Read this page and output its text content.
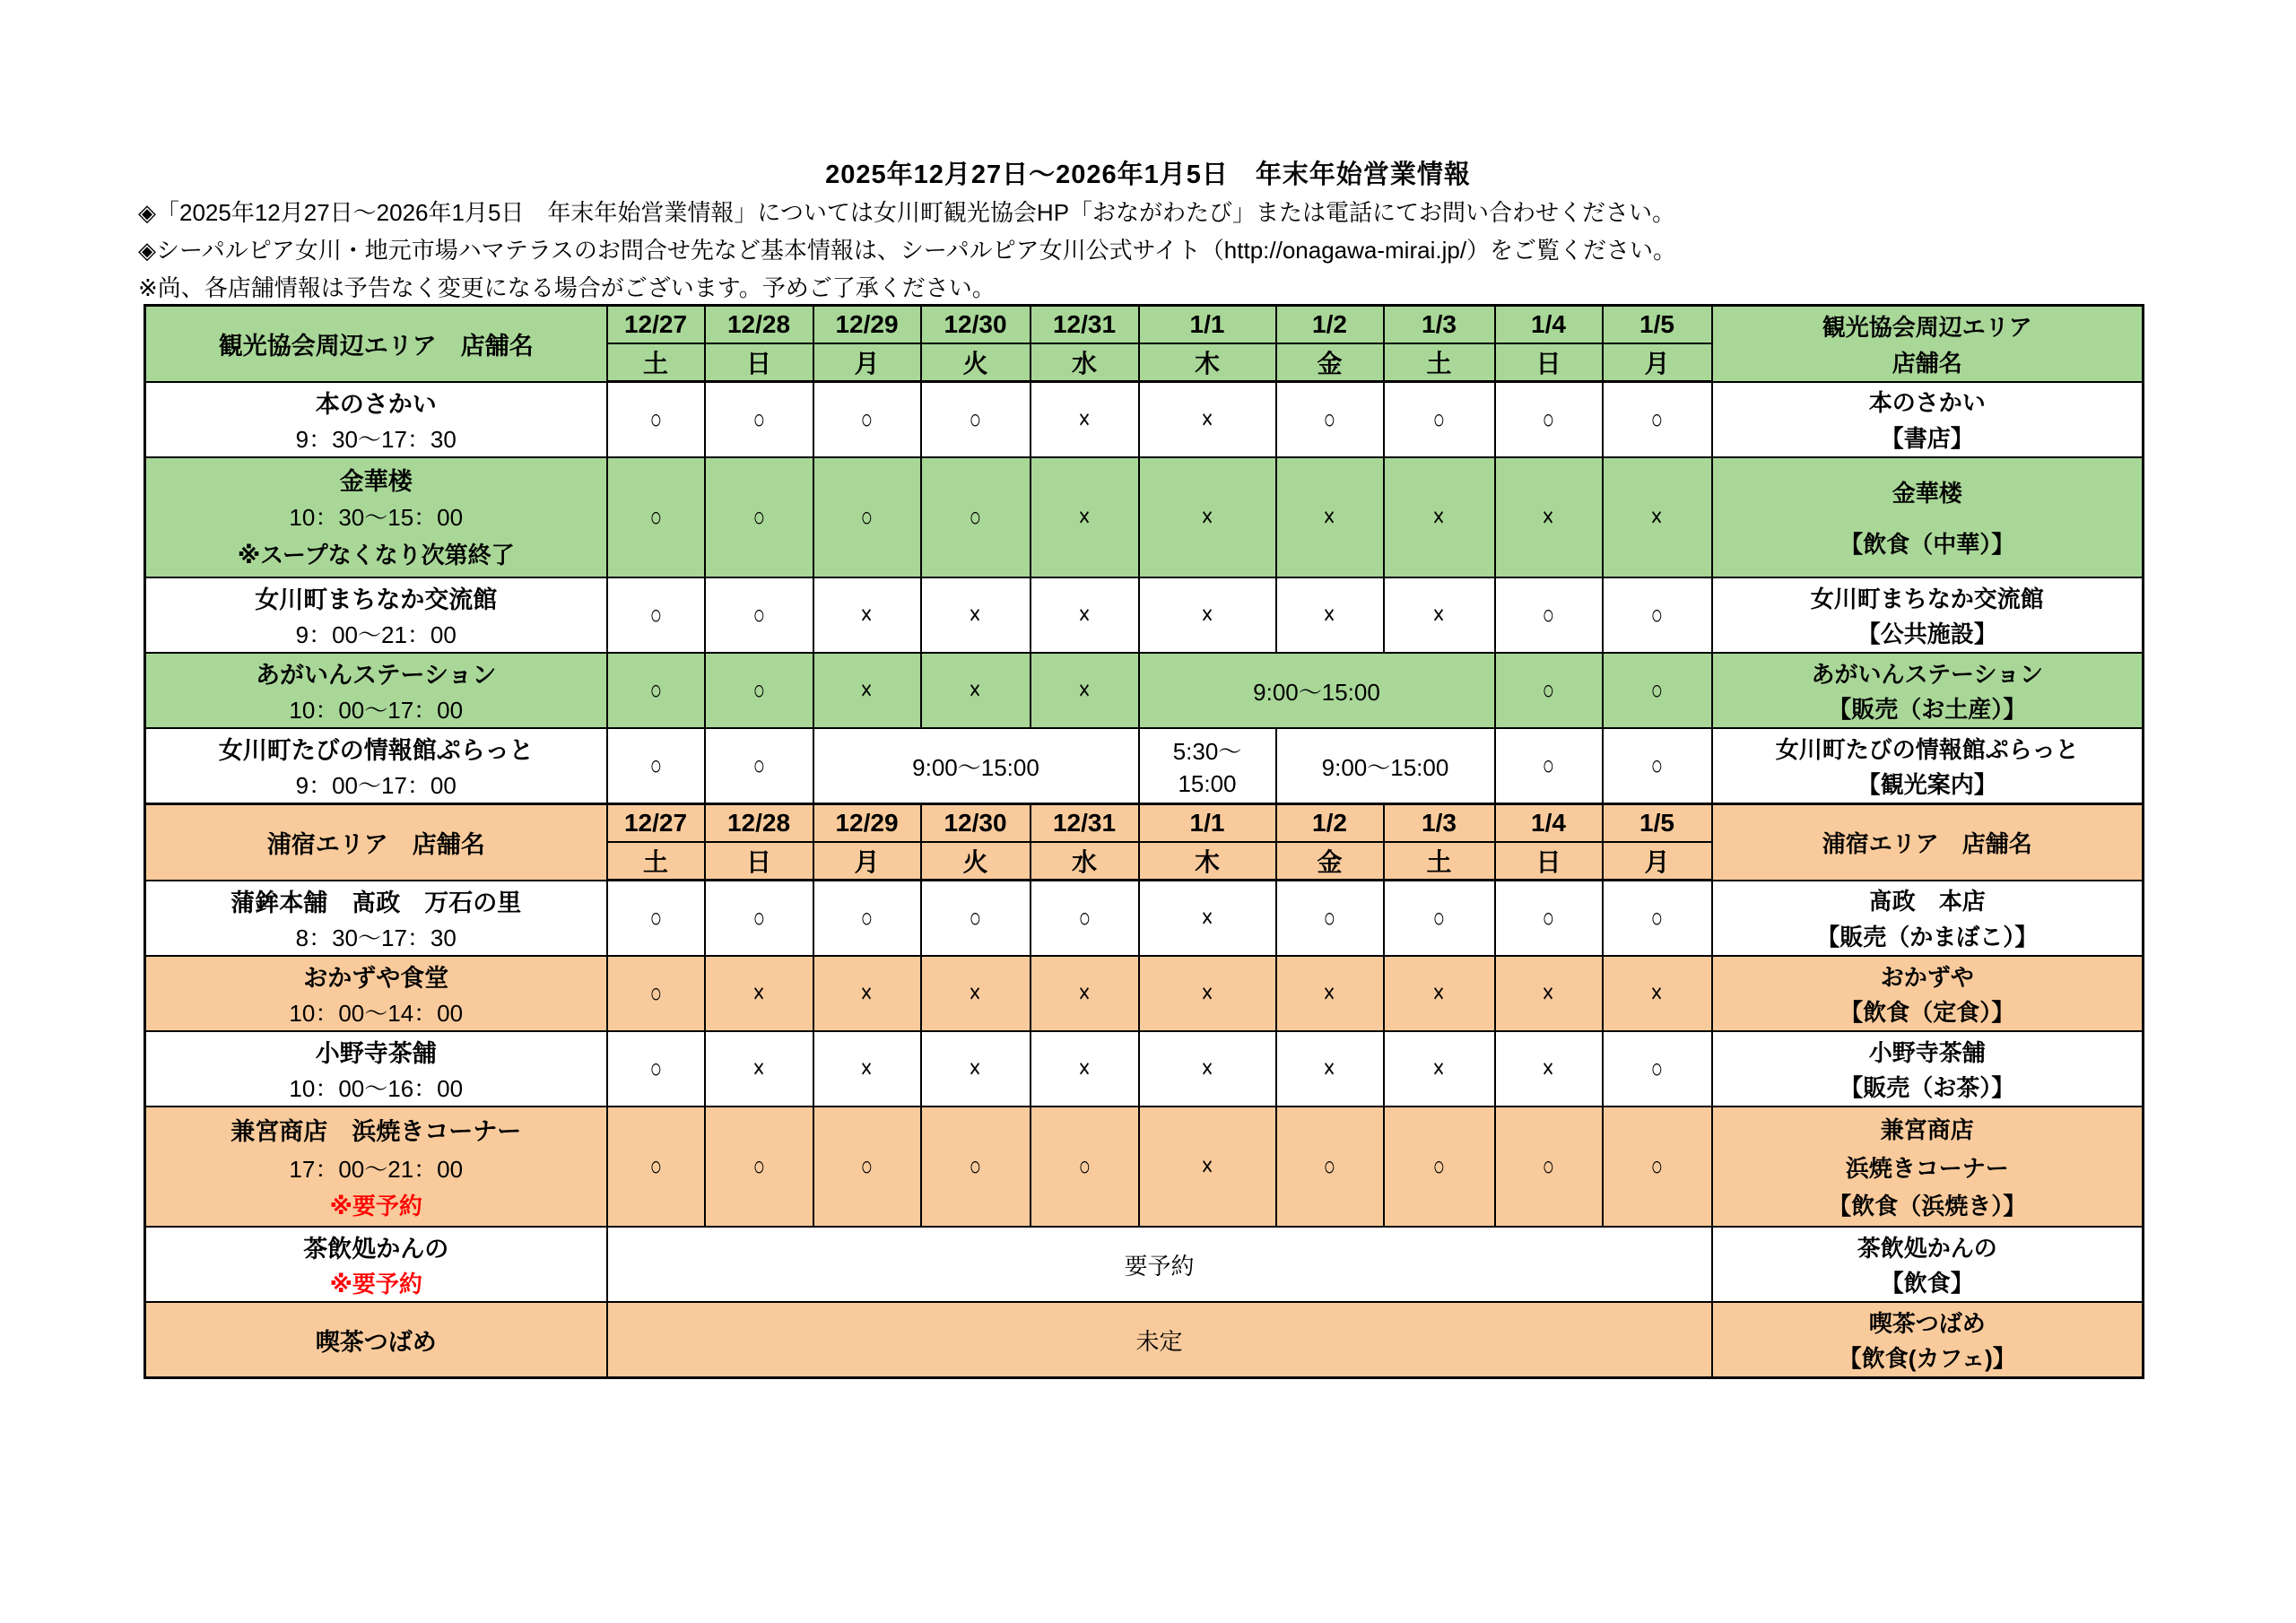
2025年12月27日～2026年1月5日　年末年始営業情報
◈「2025年12月27日～2026年1月5日　年末年始営業情報」については女川町観光協会HP「おながわたび」または電話にてお問い合わせください。
◈シーパルピア女川・地元市場ハマテラスのお問合せ先など基本情報は、シーパルピア女川公式サイト（http://onagawa-mirai.jp/）をご覧ください。
※尚、各店舗情報は予告なく変更になる場合がございます。予めご了承ください。
観光協会周辺エリア　店舗名	12/27	12/28	12/29	12/30	12/31	1/1	1/2	1/3	1/4	1/5	観光協会周辺エリア
店舗名

	土	日	月	火	水	木	金	土	日	月	

本のさかい
9：30～17：30
	○	○	○	○	×	×	○	○	○	○	
本のさかい
【書店】

金華楼
10：30～15：00
※スープなくなり次第終了
	○	○	○	○	×	×	×	×	×	×	
金華楼
【飲食（中華）】

女川町まちなか交流館
9：00～21：00
	○	○	×	×	×	×	×	×	○	○	
女川町まちなか交流館
【公共施設】

あがいんステーション
10：00～17：00
	○	○	×	×	×	9:00～15:00	○	○	
あがいんステーション
【販売（お土産）】

女川町たびの情報館ぷらっと
9：00～17：00
	○	○	9:00～15:00	
5:30～
15:00
	9:00～15:00	○	○	
女川町たびの情報館ぷらっと
【観光案内】

浦宿エリア　店舗名	12/27	12/28	12/29	12/30	12/31	1/1	1/2	1/3	1/4	1/5	浦宿エリア　店舗名

	土	日	月	火	水	木	金	土	日	月	

蒲鉾本舗　髙政　万石の里
8：30～17：30
	○	○	○	○	○	×	○	○	○	○	
髙政　本店
【販売（かまぼこ）】

おかずや食堂
10：00～14：00
	○	×	×	×	×	×	×	×	×	×	
おかずや
【飲食（定食）】

小野寺茶舗
10：00～16：00
	○	×	×	×	×	×	×	×	×	○	
小野寺茶舗
【販売（お茶）】

兼宮商店　浜焼きコーナー
17：00～21：00
※要予約
	○	○	○	○	○	×	○	○	○	○	
兼宮商店
浜焼きコーナー
【飲食（浜焼き）】

茶飲処かんの
※要予約
	要予約	
茶飲処かんの
【飲食】

喫茶つばめ	未定										喫茶つばめ
【飲食(カフェ)】
